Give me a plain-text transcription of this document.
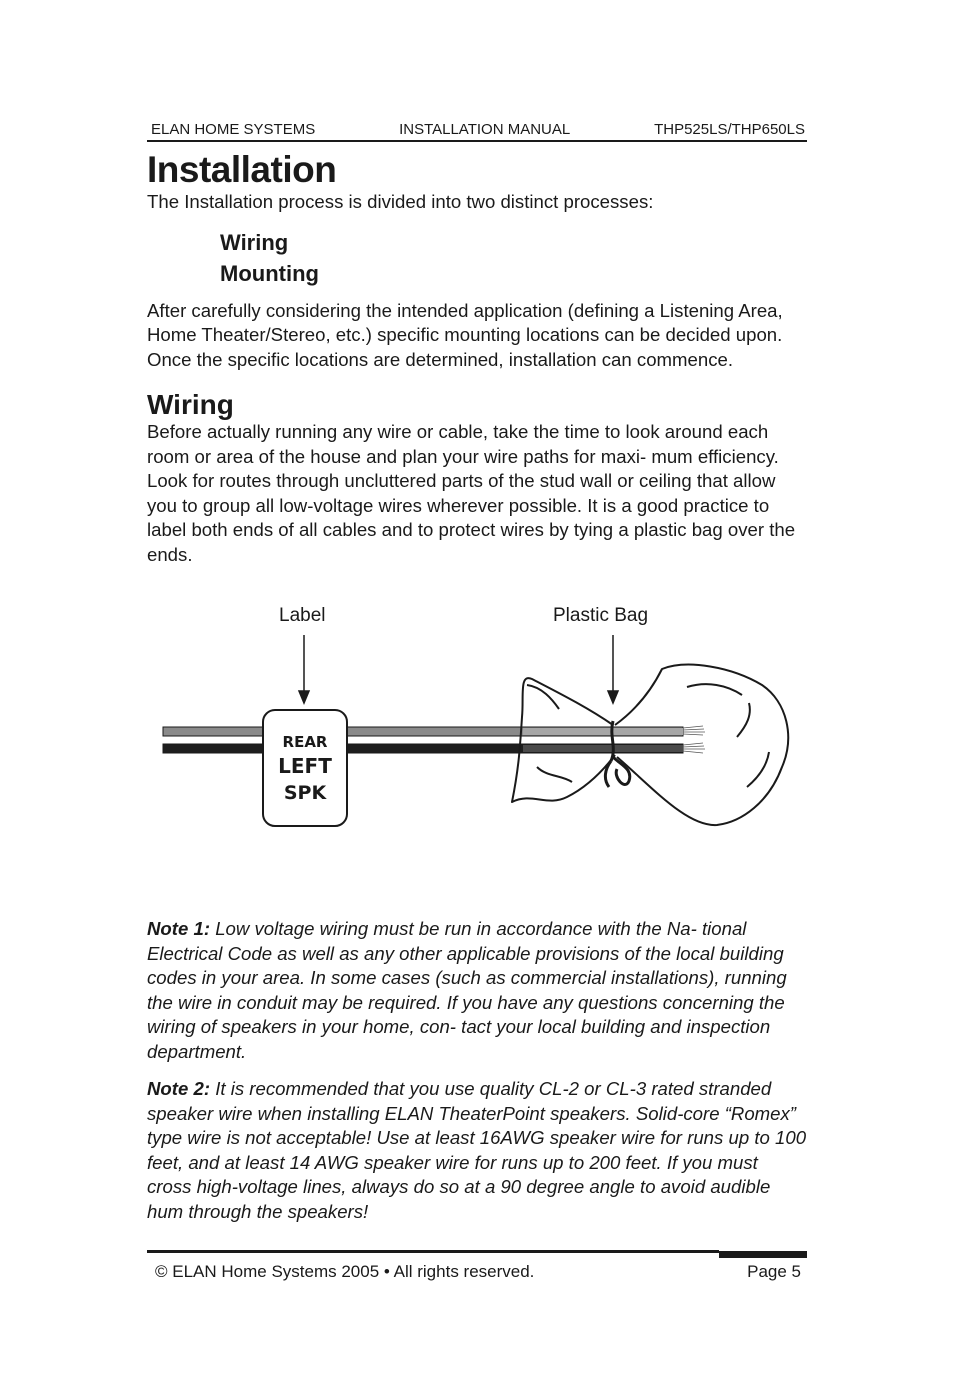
ELAN HOME SYSTEMS	INSTALLATION MANUAL	THP525LS/THP650LS
Installation

The Installation process is divided into two distinct processes:

Wiring
Mounting

After carefully considering the intended application (defining a Listening Area, Home Theater/Stereo, etc.) specific mounting locations can be decided upon. Once the specific locations are determined, installation can commence.

Wiring

Before actually running any wire or cable, take the time to look around each room or area of the house and plan your wire paths for maxi- mum efficiency. Look for routes through uncluttered parts of the stud wall or ceiling that allow you to group all low-voltage wires wherever possible. It is a good practice to label both ends of all cables and to protect wires by tying a plastic bag over the ends.

Label	Plastic Bag
REAR
LEFT
SPK

Note 1: Low voltage wiring must be run in accordance with the Na- tional Electrical Code as well as any other applicable provisions of the local building codes in your area. In some cases (such as commercial installations), running the wire in conduit may be required. If you have any questions concerning the wiring of speakers in your home, con- tact your local building and inspection department.

Note 2: It is recommended that you use quality CL-2 or CL-3 rated stranded speaker wire when installing ELAN TheaterPoint speakers. Solid-core “Romex” type wire is not acceptable! Use at least 16AWG speaker wire for runs up to 100 feet, and at least 14 AWG speaker wire for runs up to 200 feet. If you must cross high-voltage lines, always do so at a 90 degree angle to avoid audible hum through the speakers!

© ELAN Home Systems 2005 • All rights reserved.	Page 5
